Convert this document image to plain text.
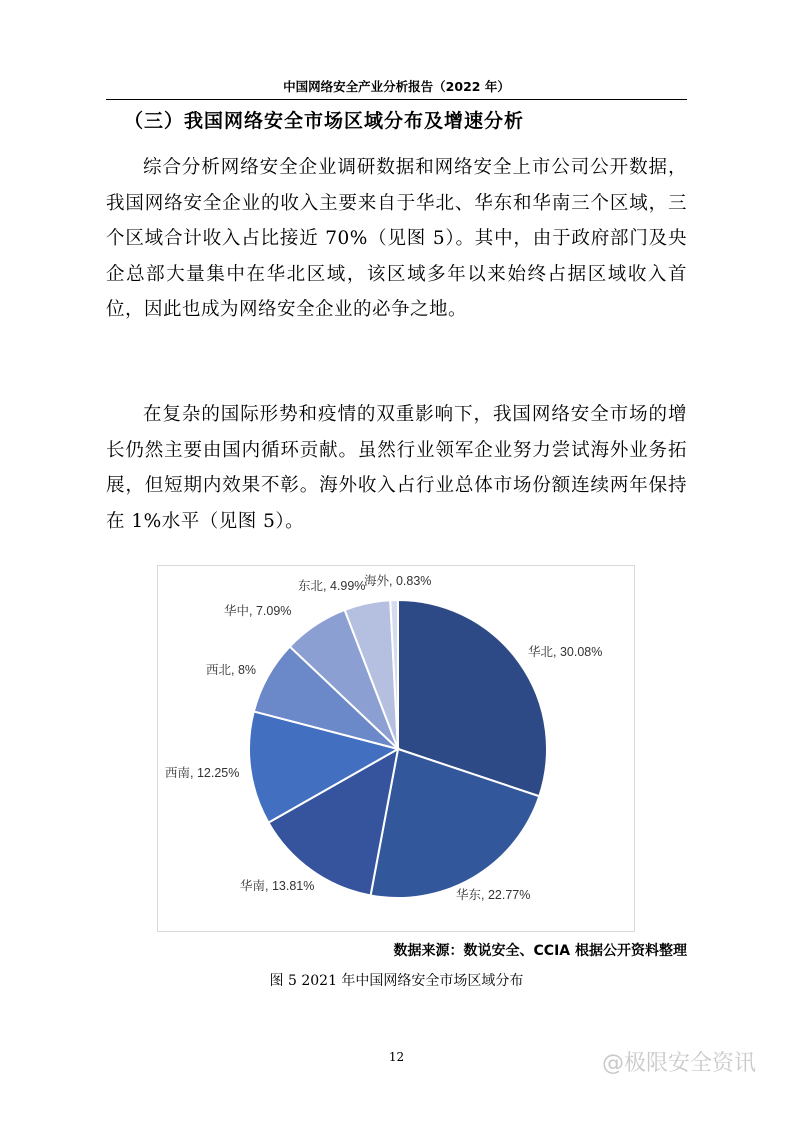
中国网络安全产业分析报告（2022 年）
（三）我国网络安全市场区域分布及增速分析

综合分析网络安全企业调研数据和网络安全上市公司公开数据，我国网络安全企业的收入主要来自于华北、华东和华南三个区域，三个区域合计收入占比接近 70%（见图 5）。其中，由于政府部门及央企总部大量集中在华北区域，该区域多年以来始终占据区域收入首位，因此也成为网络安全企业的必争之地。

在复杂的国际形势和疫情的双重影响下，我国网络安全市场的增长仍然主要由国内循环贡献。虽然行业领军企业努力尝试海外业务拓展，但短期内效果不彰。海外收入占行业总体市场份额连续两年保持在 1%水平（见图 5）。

华北, 30.08%
华东, 22.77%
华南, 13.81%
西南, 12.25%
西北, 8%
华中, 7.09%
东北, 4.99%
海外, 0.83%
数据来源：数说安全、CCIA 根据公开资料整理
图 5 2021 年中国网络安全市场区域分布
12	@极限安全资讯
